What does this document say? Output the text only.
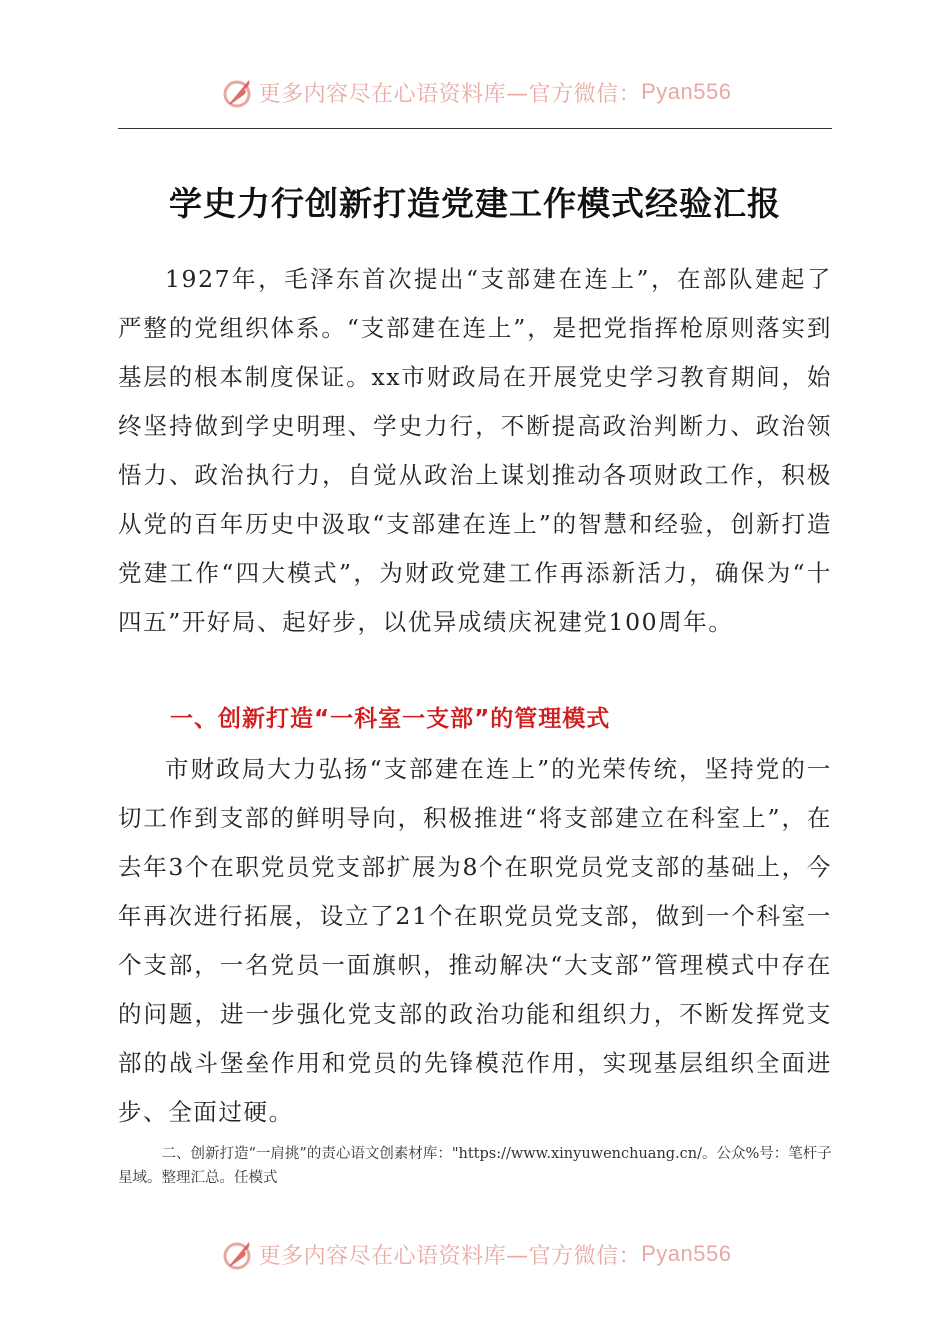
更多内容尽在心语资料库—官方微信： Pyan556
学史力行创新打造党建工作模式经验汇报

1927年，毛泽东首次提出“支部建在连上”，在部队建起了严整的党组织体系。“支部建在连上”，是把党指挥枪原则落实到基层的根本制度保证。xx市财政局在开展党史学习教育期间，始终坚持做到学史明理、学史力行，不断提高政治判断力、政治领悟力、政治执行力，自觉从政治上谋划推动各项财政工作，积极从党的百年历史中汲取“支部建在连上”的智慧和经验，创新打造党建工作“四大模式”，为财政党建工作再添新活力，确保为“十四五”开好局、起好步，以优异成绩庆祝建党100周年。

一、创新打造“一科室一支部”的管理模式

市财政局大力弘扬“支部建在连上”的光荣传统，坚持党的一切工作到支部的鲜明导向，积极推进“将支部建立在科室上”，在去年3个在职党员党支部扩展为8个在职党员党支部的基础上，今年再次进行拓展，设立了21个在职党员党支部，做到一个科室一个支部，一名党员一面旗帜，推动解决“大支部”管理模式中存在的问题，进一步强化党支部的政治功能和组织力，不断发挥党支部的战斗堡垒作用和党员的先锋模范作用，实现基层组织全面进步、全面过硬。

二、创新打造“一肩挑”的责心语文创素材库："https://www.xinyuwenchuang.cn/。公众%号：笔杆子星域。整理汇总。任模式

更多内容尽在心语资料库—官方微信： Pyan556
